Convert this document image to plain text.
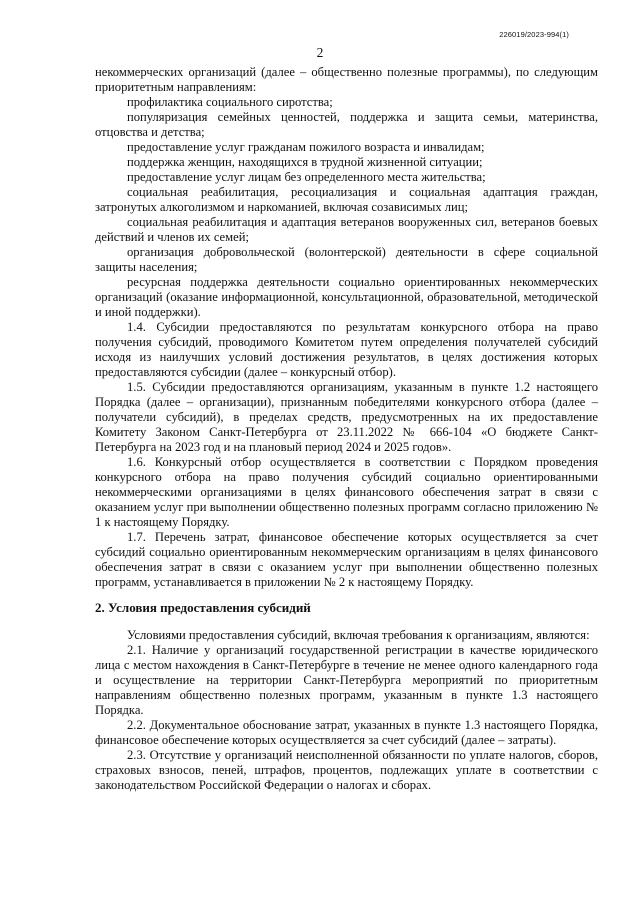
226019/2023-994(1)
2

некоммерческих организаций (далее – общественно полезные программы), по следующим приоритетным направлениям:

профилактика социального сиротства;

популяризация семейных ценностей, поддержка и защита семьи, материнства, отцовства и детства;

предоставление услуг гражданам пожилого возраста и инвалидам;

поддержка женщин, находящихся в трудной жизненной ситуации;

предоставление услуг лицам без определенного места жительства;

социальная реабилитация, ресоциализация и социальная адаптация граждан, затронутых алкоголизмом и наркоманией, включая созависимых лиц;

социальная реабилитация и адаптация ветеранов вооруженных сил, ветеранов боевых действий и членов их семей;

организация добровольческой (волонтерской) деятельности в сфере социальной защиты населения;

ресурсная поддержка деятельности социально ориентированных некоммерческих организаций (оказание информационной, консультационной, образовательной, методической и иной поддержки).

1.4. Субсидии предоставляются по результатам конкурсного отбора на право получения субсидий, проводимого Комитетом путем определения получателей субсидий исходя из наилучших условий достижения результатов, в целях достижения которых предоставляются субсидии (далее – конкурсный отбор).

1.5. Субсидии предоставляются организациям, указанным в пункте 1.2 настоящего Порядка (далее – организации), признанным победителями конкурсного отбора (далее – получатели субсидий), в пределах средств, предусмотренных на их предоставление Комитету Законом Санкт-Петербурга от 23.11.2022 № 666-104 «О бюджете Санкт-Петербурга на 2023 год и на плановый период 2024 и 2025 годов».

1.6. Конкурсный отбор осуществляется в соответствии с Порядком проведения конкурсного отбора на право получения субсидий социально ориентированными некоммерческими организациями в целях финансового обеспечения затрат в связи с оказанием услуг при выполнении общественно полезных программ согласно приложению № 1 к настоящему Порядку.

1.7. Перечень затрат, финансовое обеспечение которых осуществляется за счет субсидий социально ориентированным некоммерческим организациям в целях финансового обеспечения затрат в связи с оказанием услуг при выполнении общественно полезных программ, устанавливается в приложении № 2 к настоящему Порядку.

2. Условия предоставления субсидий

Условиями предоставления субсидий, включая требования к организациям, являются:

2.1. Наличие у организаций государственной регистрации в качестве юридического лица с местом нахождения в Санкт-Петербурге в течение не менее одного календарного года и осуществление на территории Санкт-Петербурга мероприятий по приоритетным направлениям общественно полезных программ, указанным в пункте 1.3 настоящего Порядка.

2.2. Документальное обоснование затрат, указанных в пункте 1.3 настоящего Порядка, финансовое обеспечение которых осуществляется за счет субсидий (далее – затраты).

2.3. Отсутствие у организаций неисполненной обязанности по уплате налогов, сборов, страховых взносов, пеней, штрафов, процентов, подлежащих уплате в соответствии с законодательством Российской Федерации о налогах и сборах.
